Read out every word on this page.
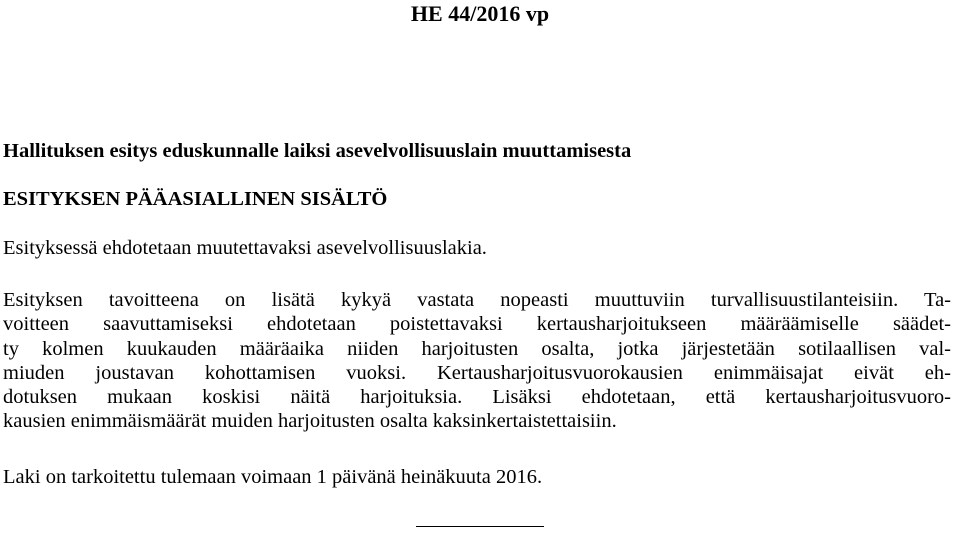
HE 44/2016 vp
Hallituksen esitys eduskunnalle laiksi asevelvollisuuslain muuttamisesta
ESITYKSEN PÄÄASIALLINEN SISÄLTÖ
Esityksessä ehdotetaan muutettavaksi asevelvollisuuslakia.
Esityksen tavoitteena on lisätä kykyä vastata nopeasti muuttuviin turvallisuustilanteisiin. Ta-
voitteen saavuttamiseksi ehdotetaan poistettavaksi kertausharjoitukseen määräämiselle säädet-
ty kolmen kuukauden määräaika niiden harjoitusten osalta, jotka järjestetään sotilaallisen val-
miuden joustavan kohottamisen vuoksi. Kertausharjoitusvuorokausien enimmäisajat eivät eh-
dotuksen mukaan koskisi näitä harjoituksia. Lisäksi ehdotetaan, että kertausharjoitusvuoro-
kausien enimmäismäärät muiden harjoitusten osalta kaksinkertaistettaisiin.
Laki on tarkoitettu tulemaan voimaan 1 päivänä heinäkuuta 2016.
